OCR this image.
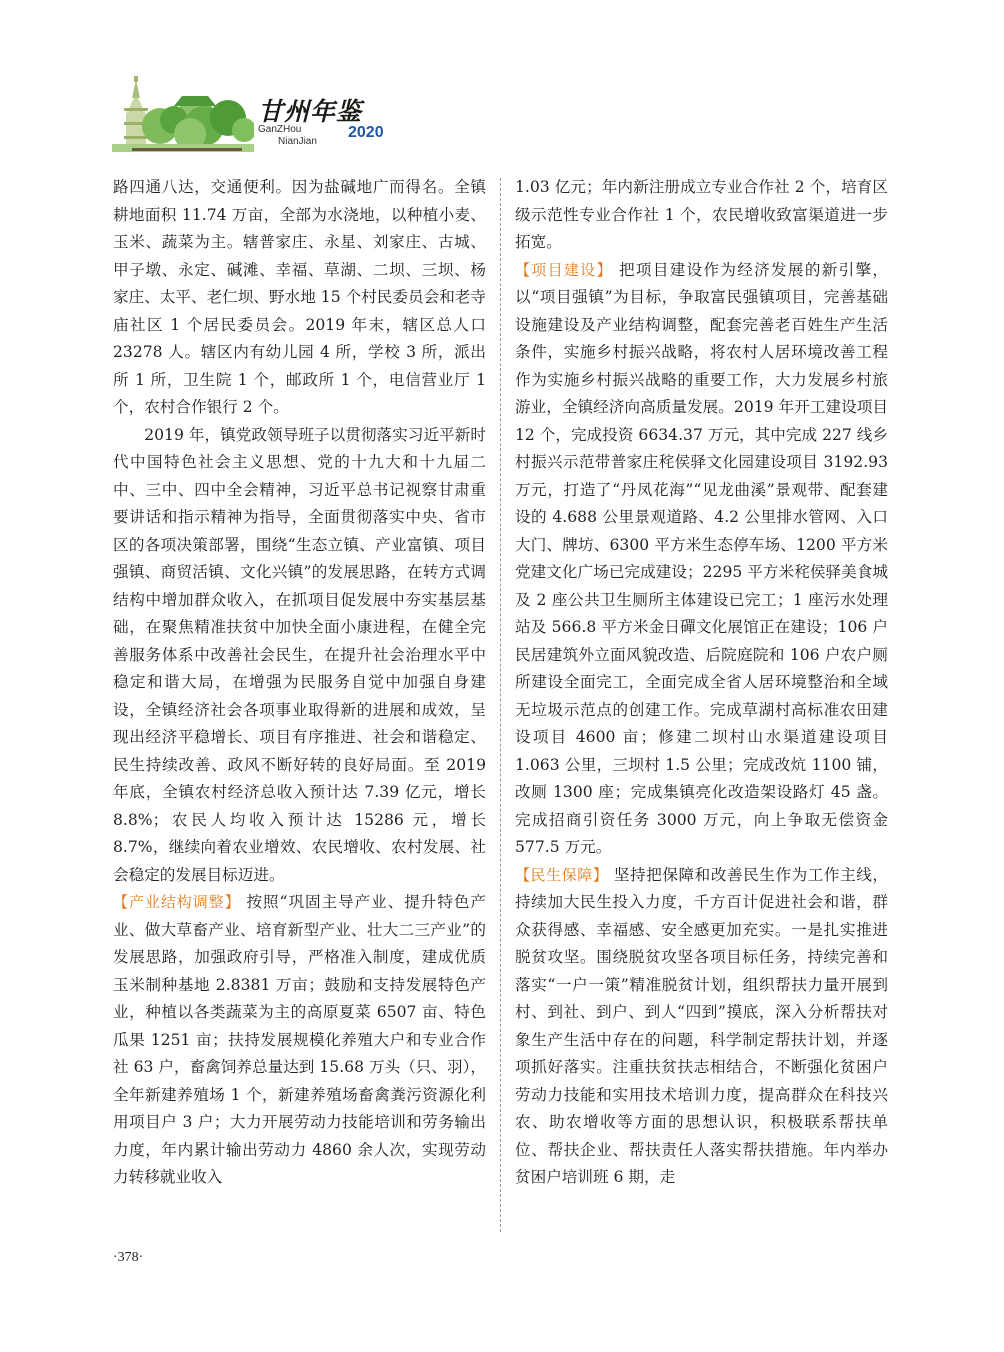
甘州年鉴
GanZHou
NianJian
2020

路四通八达，交通便利。因为盐碱地广而得名。全镇耕地面积 11.74 万亩，全部为水浇地，以种植小麦、玉米、蔬菜为主。辖普家庄、永星、刘家庄、古城、甲子墩、永定、碱滩、幸福、草湖、二坝、三坝、杨家庄、太平、老仁坝、野水地 15 个村民委员会和老寺庙社区 1 个居民委员会。2019 年末，辖区总人口 23278 人。辖区内有幼儿园 4 所，学校 3 所，派出所 1 所，卫生院 1 个，邮政所 1 个，电信营业厅 1 个，农村合作银行 2 个。

2019 年，镇党政领导班子以贯彻落实习近平新时代中国特色社会主义思想、党的十九大和十九届二中、三中、四中全会精神，习近平总书记视察甘肃重要讲话和指示精神为指导，全面贯彻落实中央、省市区的各项决策部署，围绕“生态立镇、产业富镇、项目强镇、商贸活镇、文化兴镇”的发展思路，在转方式调结构中增加群众收入，在抓项目促发展中夯实基层基础，在聚焦精准扶贫中加快全面小康进程，在健全完善服务体系中改善社会民生，在提升社会治理水平中稳定和谐大局，在增强为民服务自觉中加强自身建设，全镇经济社会各项事业取得新的进展和成效，呈现出经济平稳增长、项目有序推进、社会和谐稳定、民生持续改善、政风不断好转的良好局面。至 2019 年底，全镇农村经济总收入预计达 7.39 亿元，增长 8.8%；农民人均收入预计达 15286 元，增长 8.7%，继续向着农业增效、农民增收、农村发展、社会稳定的发展目标迈进。

【产业结构调整】 按照“巩固主导产业、提升特色产业、做大草畜产业、培育新型产业、壮大二三产业”的发展思路，加强政府引导，严格准入制度，建成优质玉米制种基地 2.8381 万亩；鼓励和支持发展特色产业，种植以各类蔬菜为主的高原夏菜 6507 亩、特色瓜果 1251 亩；扶持发展规模化养殖大户和专业合作社 63 户，畜禽饲养总量达到 15.68 万头（只、羽），全年新建养殖场 1 个，新建养殖场畜禽粪污资源化利用项目户 3 户；大力开展劳动力技能培训和劳务输出力度，年内累计输出劳动力 4860 余人次，实现劳动力转移就业收入

1.03 亿元；年内新注册成立专业合作社 2 个，培育区级示范性专业合作社 1 个，农民增收致富渠道进一步拓宽。

【项目建设】 把项目建设作为经济发展的新引擎，以“项目强镇”为目标，争取富民强镇项目，完善基础设施建设及产业结构调整，配套完善老百姓生产生活条件，实施乡村振兴战略，将农村人居环境改善工程作为实施乡村振兴战略的重要工作，大力发展乡村旅游业，全镇经济向高质量发展。2019 年开工建设项目 12 个，完成投资 6634.37 万元，其中完成 227 线乡村振兴示范带普家庄秺侯驿文化园建设项目 3192.93 万元，打造了“丹凤花海”“见龙曲溪”景观带、配套建设的 4.688 公里景观道路、4.2 公里排水管网、入口大门、牌坊、6300 平方米生态停车场、1200 平方米党建文化广场已完成建设；2295 平方米秺侯驿美食城及 2 座公共卫生厕所主体建设已完工；1 座污水处理站及 566.8 平方米金日磾文化展馆正在建设；106 户民居建筑外立面风貌改造、后院庭院和 106 户农户厕所建设全面完工，全面完成全省人居环境整治和全域无垃圾示范点的创建工作。完成草湖村高标准农田建设项目 4600 亩；修建二坝村山水渠道建设项目 1.063 公里，三坝村 1.5 公里；完成改炕 1100 铺，改厕 1300 座；完成集镇亮化改造架设路灯 45 盏。完成招商引资任务 3000 万元，向上争取无偿资金 577.5 万元。

【民生保障】 坚持把保障和改善民生作为工作主线，持续加大民生投入力度，千方百计促进社会和谐，群众获得感、幸福感、安全感更加充实。一是扎实推进脱贫攻坚。围绕脱贫攻坚各项目标任务，持续完善和落实“一户一策”精准脱贫计划，组织帮扶力量开展到村、到社、到户、到人“四到”摸底，深入分析帮扶对象生产生活中存在的问题，科学制定帮扶计划，并逐项抓好落实。注重扶贫扶志相结合，不断强化贫困户劳动力技能和实用技术培训力度，提高群众在科技兴农、助农增收等方面的思想认识，积极联系帮扶单位、帮扶企业、帮扶责任人落实帮扶措施。年内举办贫困户培训班 6 期，走

·378·
